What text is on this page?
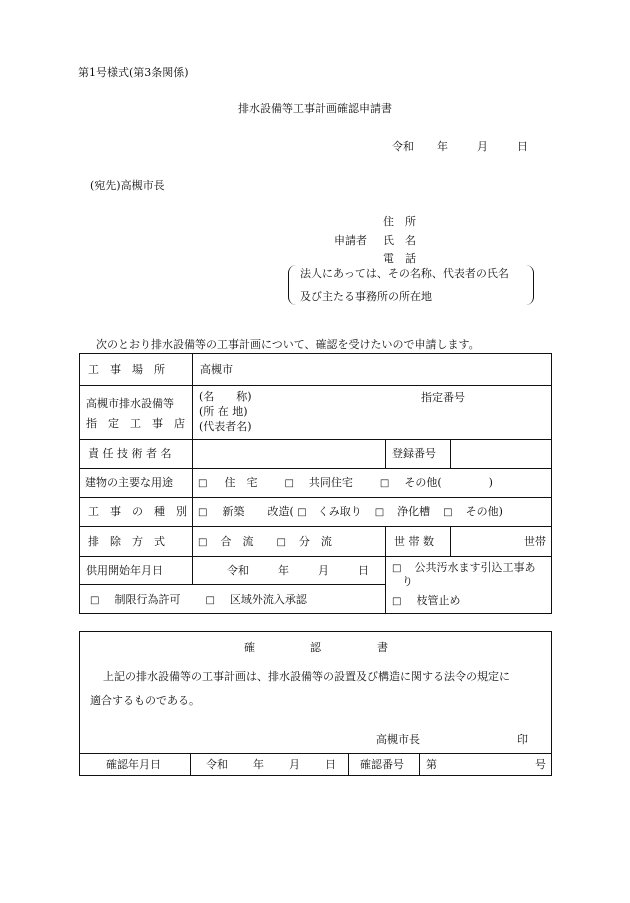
第1号様式(第3条関係)
排水設備等工事計画確認申請書
令和 年	月	日
(宛先)高槻市長
住　所
申請者 氏　名
電　話
法人にあっては、その名称、代表者の氏名
及び主たる事務所の所在地
次のとおり排水設備等の工事計画について、確認を受けたいので申請します。
工　事　場　所	高槻市
高槻市排水設備等
指　定　工　事　店
(名　　称)
(所 在 地)
(代表者名)
指定番号
責 任 技 術 者 名	登録番号
建物の主要な用途	□ 住　宅	□ 共同住宅	□ その他(	)
工　事　の　種　別 □ 新築 改造( □ くみ取り □ 浄化槽 □ その他)
排　除　方　式	□ 合　流 □ 分　流	世 帯 数	世帯
供用開始年月日	令和	年	月	日 □ 公共汚水ます引込工事あ
り
□ 制限行為許可	□ 区域外流入承認	□ 枝管止め
確	認	書
上記の排水設備等の工事計画は、排水設備等の設置及び構造に関する法令の規定に
適合するものである。
高槻市長	印
確認年月日	令和 年 月 日 確認番号 第	号
